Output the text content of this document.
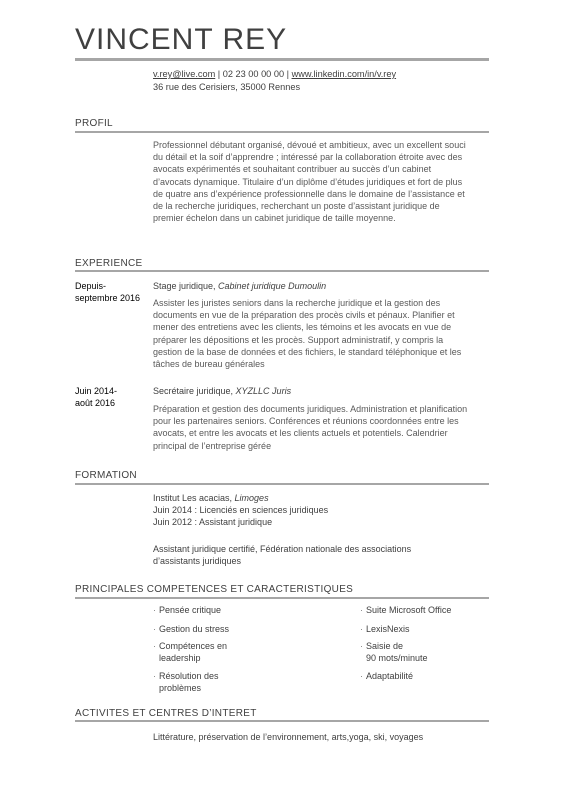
VINCENT REY
v.rey@live.com | 02 23 00 00 00 | www.linkedin.com/in/v.rey
36 rue des Cerisiers, 35000 Rennes
PROFIL
Professionnel débutant organisé, dévoué et ambitieux, avec un excellent souci du détail et la soif d’apprendre ; intéressé par la collaboration étroite avec des avocats expérimentés et souhaitant contribuer au succès d’un cabinet d’avocats dynamique. Titulaire d’un diplôme d’études juridiques et fort de plus de quatre ans d’expérience professionnelle dans le domaine de l’assistance et de la recherche juridiques, recherchant un poste d’assistant juridique de premier échelon dans un cabinet juridique de taille moyenne.
EXPERIENCE
Depuis-
septembre 2016
Stage juridique, Cabinet juridique Dumoulin
Assister les juristes seniors dans la recherche juridique et la gestion des documents en vue de la préparation des procès civils et pénaux. Planifier et mener des entretiens avec les clients, les témoins et les avocats en vue de préparer les dépositions et les procès. Support administratif, y compris la gestion de la base de données et des fichiers, le standard téléphonique et les tâches de bureau générales
Juin 2014-
août 2016
Secrétaire juridique, XYZLLC Juris
Préparation et gestion des documents juridiques. Administration et planification pour les partenaires seniors. Conférences et réunions coordonnées entre les avocats, et entre les avocats et les clients actuels et potentiels. Calendrier principal de l’entreprise gérée
FORMATION
Institut Les acacias, Limoges
Juin 2014 : Licenciés en sciences juridiques
Juin 2012 : Assistant juridique
Assistant juridique certifié, Fédération nationale des associations d’assistants juridiques
PRINCIPALES COMPETENCES ET CARACTERISTIQUES
· Pensée critique
· Gestion du stress
· Compétences en
leadership
· Résolution des
problèmes
· Suite Microsoft Office
· LexisNexis
· Saisie de
90 mots/minute
· Adaptabilité
ACTIVITES ET CENTRES D’INTERET
Littérature, préservation de l’environnement, arts,yoga, ski, voyages
